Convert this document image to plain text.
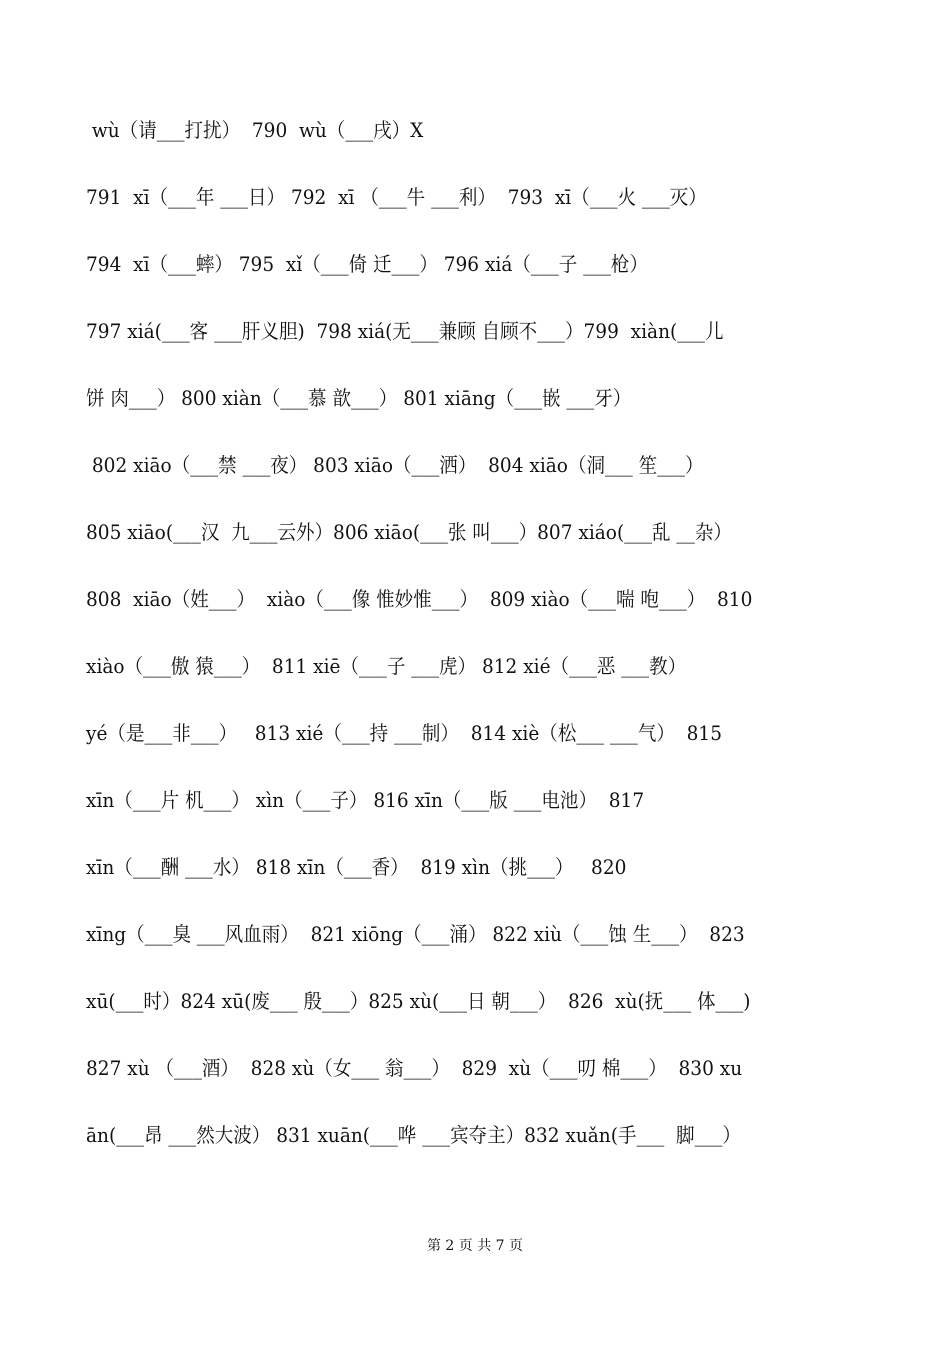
wù（请___打扰）  790  wù（___戌）X
791  xī（___年 ___日） 792  xī （___牛 ___利）  793  xī（___火 ___灭）
794  xī（___蟀） 795  xǐ（___倚 迁___） 796 xiá（___子 ___枪）
797 xiá(___客 ___肝义胆)  798 xiá(无___兼顾 自顾不___）799  xiàn(___儿
饼 肉___） 800 xiàn（___慕 歆___） 801 xiāng（___嵌 ___牙）
802 xiāo（___禁 ___夜） 803 xiāo（___洒）  804 xiāo（洞___ 笙___）
805 xiāo(___汉  九___云外）806 xiāo(___张 叫___）807 xiáo(___乱 __杂）
808  xiāo（姓___）  xiào（___像 惟妙惟___）  809 xiào（___喘 咆___）  810
xiào（___傲 猿___）  811 xiē（___子 ___虎） 812 xié（___恶 ___教）
yé（是___非___）   813 xié（___持 ___制）  814 xiè（松___ ___气）  815
xīn（___片 机___） xìn（___子） 816 xīn（___版 ___电池）  817
xīn（___酬 ___水） 818 xīn（___香）  819 xìn（挑___）   820
xīng（___臭 ___风血雨）  821 xiōng（___涌） 822 xiù（___蚀 生___）  823
xū(___时）824 xū(废___ 殷___）825 xù(___日 朝___）  826  xù(抚___ 体___)
827 xù （___酒）  828 xù（女___ 翁___）  829  xù（___叨 棉___）  830 xu
ān(___昂 ___然大波） 831 xuān(___哗 ___宾夺主）832 xuǎn(手___  脚___）
第 2 页 共 7 页
